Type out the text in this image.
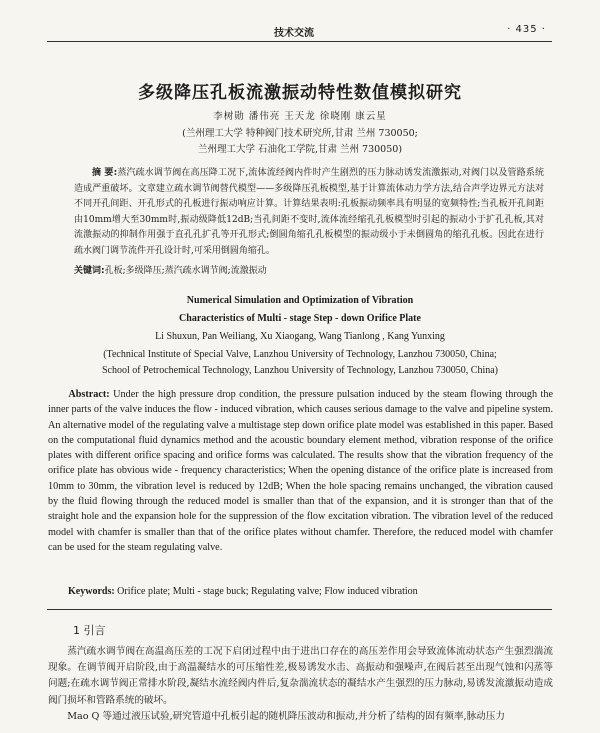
技术交流	· 435 ·
多级降压孔板流激振动特性数值模拟研究
李树勋 潘伟亮 王天龙 徐晓刚 康云星
(兰州理工大学 特种阀门技术研究所,甘肃 兰州 730050;
兰州理工大学 石油化工学院,甘肃 兰州 730050)
摘 要:蒸汽疏水调节阀在高压降工况下,流体流经阀内件时产生剧烈的压力脉动诱发流激振动,对阀门以及管路系统造成严重破坏。文章建立疏水调节阀替代模型——多级降压孔板模型,基于计算流体动力学方法,结合声学边界元方法对不同开孔间距、开孔形式的孔板进行振动响应计算。计算结果表明:孔板振动频率具有明显的宽频特性;当孔板开孔间距由10mm增大至30mm时,振动级降低12dB;当孔间距不变时,流体流经缩孔孔板模型时引起的振动小于扩孔孔板,其对流激振动的抑制作用强于直孔孔扩孔等开孔形式;倒圆角缩孔孔板模型的振动级小于未倒圆角的缩孔孔板。因此在进行疏水阀门调节流件开孔设计时,可采用倒圆角缩孔。
关键词:孔板;多级降压;蒸汽疏水调节阀;流激振动
Numerical Simulation and Optimization of Vibration
Characteristics of Multi - stage Step - down Orifice Plate
Li Shuxun, Pan Weiliang, Xu Xiaogang, Wang Tianlong , Kang Yunxing
(Technical Institute of Special Valve, Lanzhou University of Technology, Lanzhou 730050, China;
School of Petrochemical Technology, Lanzhou University of Technology, Lanzhou 730050, China)
Abstract: Under the high pressure drop condition, the pressure pulsation induced by the steam flowing through the inner parts of the valve induces the flow - induced vibration, which causes serious damage to the valve and pipeline system. An alternative model of the regulating valve a multistage step down orifice plate model was established in this paper. Based on the computational fluid dynamics method and the acoustic boundary element method, vibration response of the orifice plates with different orifice spacing and orifice forms was calculated. The results show that the vibration frequency of the orifice plate has obvious wide - frequency characteristics; When the opening distance of the orifice plate is increased from 10mm to 30mm, the vibration level is reduced by 12dB; When the hole spacing remains unchanged, the vibration caused by the fluid flowing through the reduced model is smaller than that of the expansion, and it is stronger than that of the straight hole and the expansion hole for the suppression of the flow excitation vibration. The vibration level of the reduced model with chamfer is smaller than that of the orifice plates without chamfer. Therefore, the reduced model with chamfer can be used for the steam regulating valve.
Keywords: Orifice plate; Multi - stage buck; Regulating valve; Flow induced vibration
1 引言
蒸汽疏水调节阀在高温高压差的工况下启闭过程中由于进出口存在的高压差作用会导致流体流动状态产生强烈湍流现象。在调节阀开启阶段,由于高温凝结水的可压缩性差,极易诱发水击、高振动和强噪声,在阀后甚至出现气蚀和闪蒸等问题;在疏水调节阀正常排水阶段,凝结水流经阀内件后,复杂湍流状态的凝结水产生强烈的压力脉动,易诱发流激振动造成阀门损坏和管路系统的破坏。
Mao Q 等通过液压试验,研究管道中孔板引起的随机降压波动和振动,并分析了结构的固有频率,脉动压力
